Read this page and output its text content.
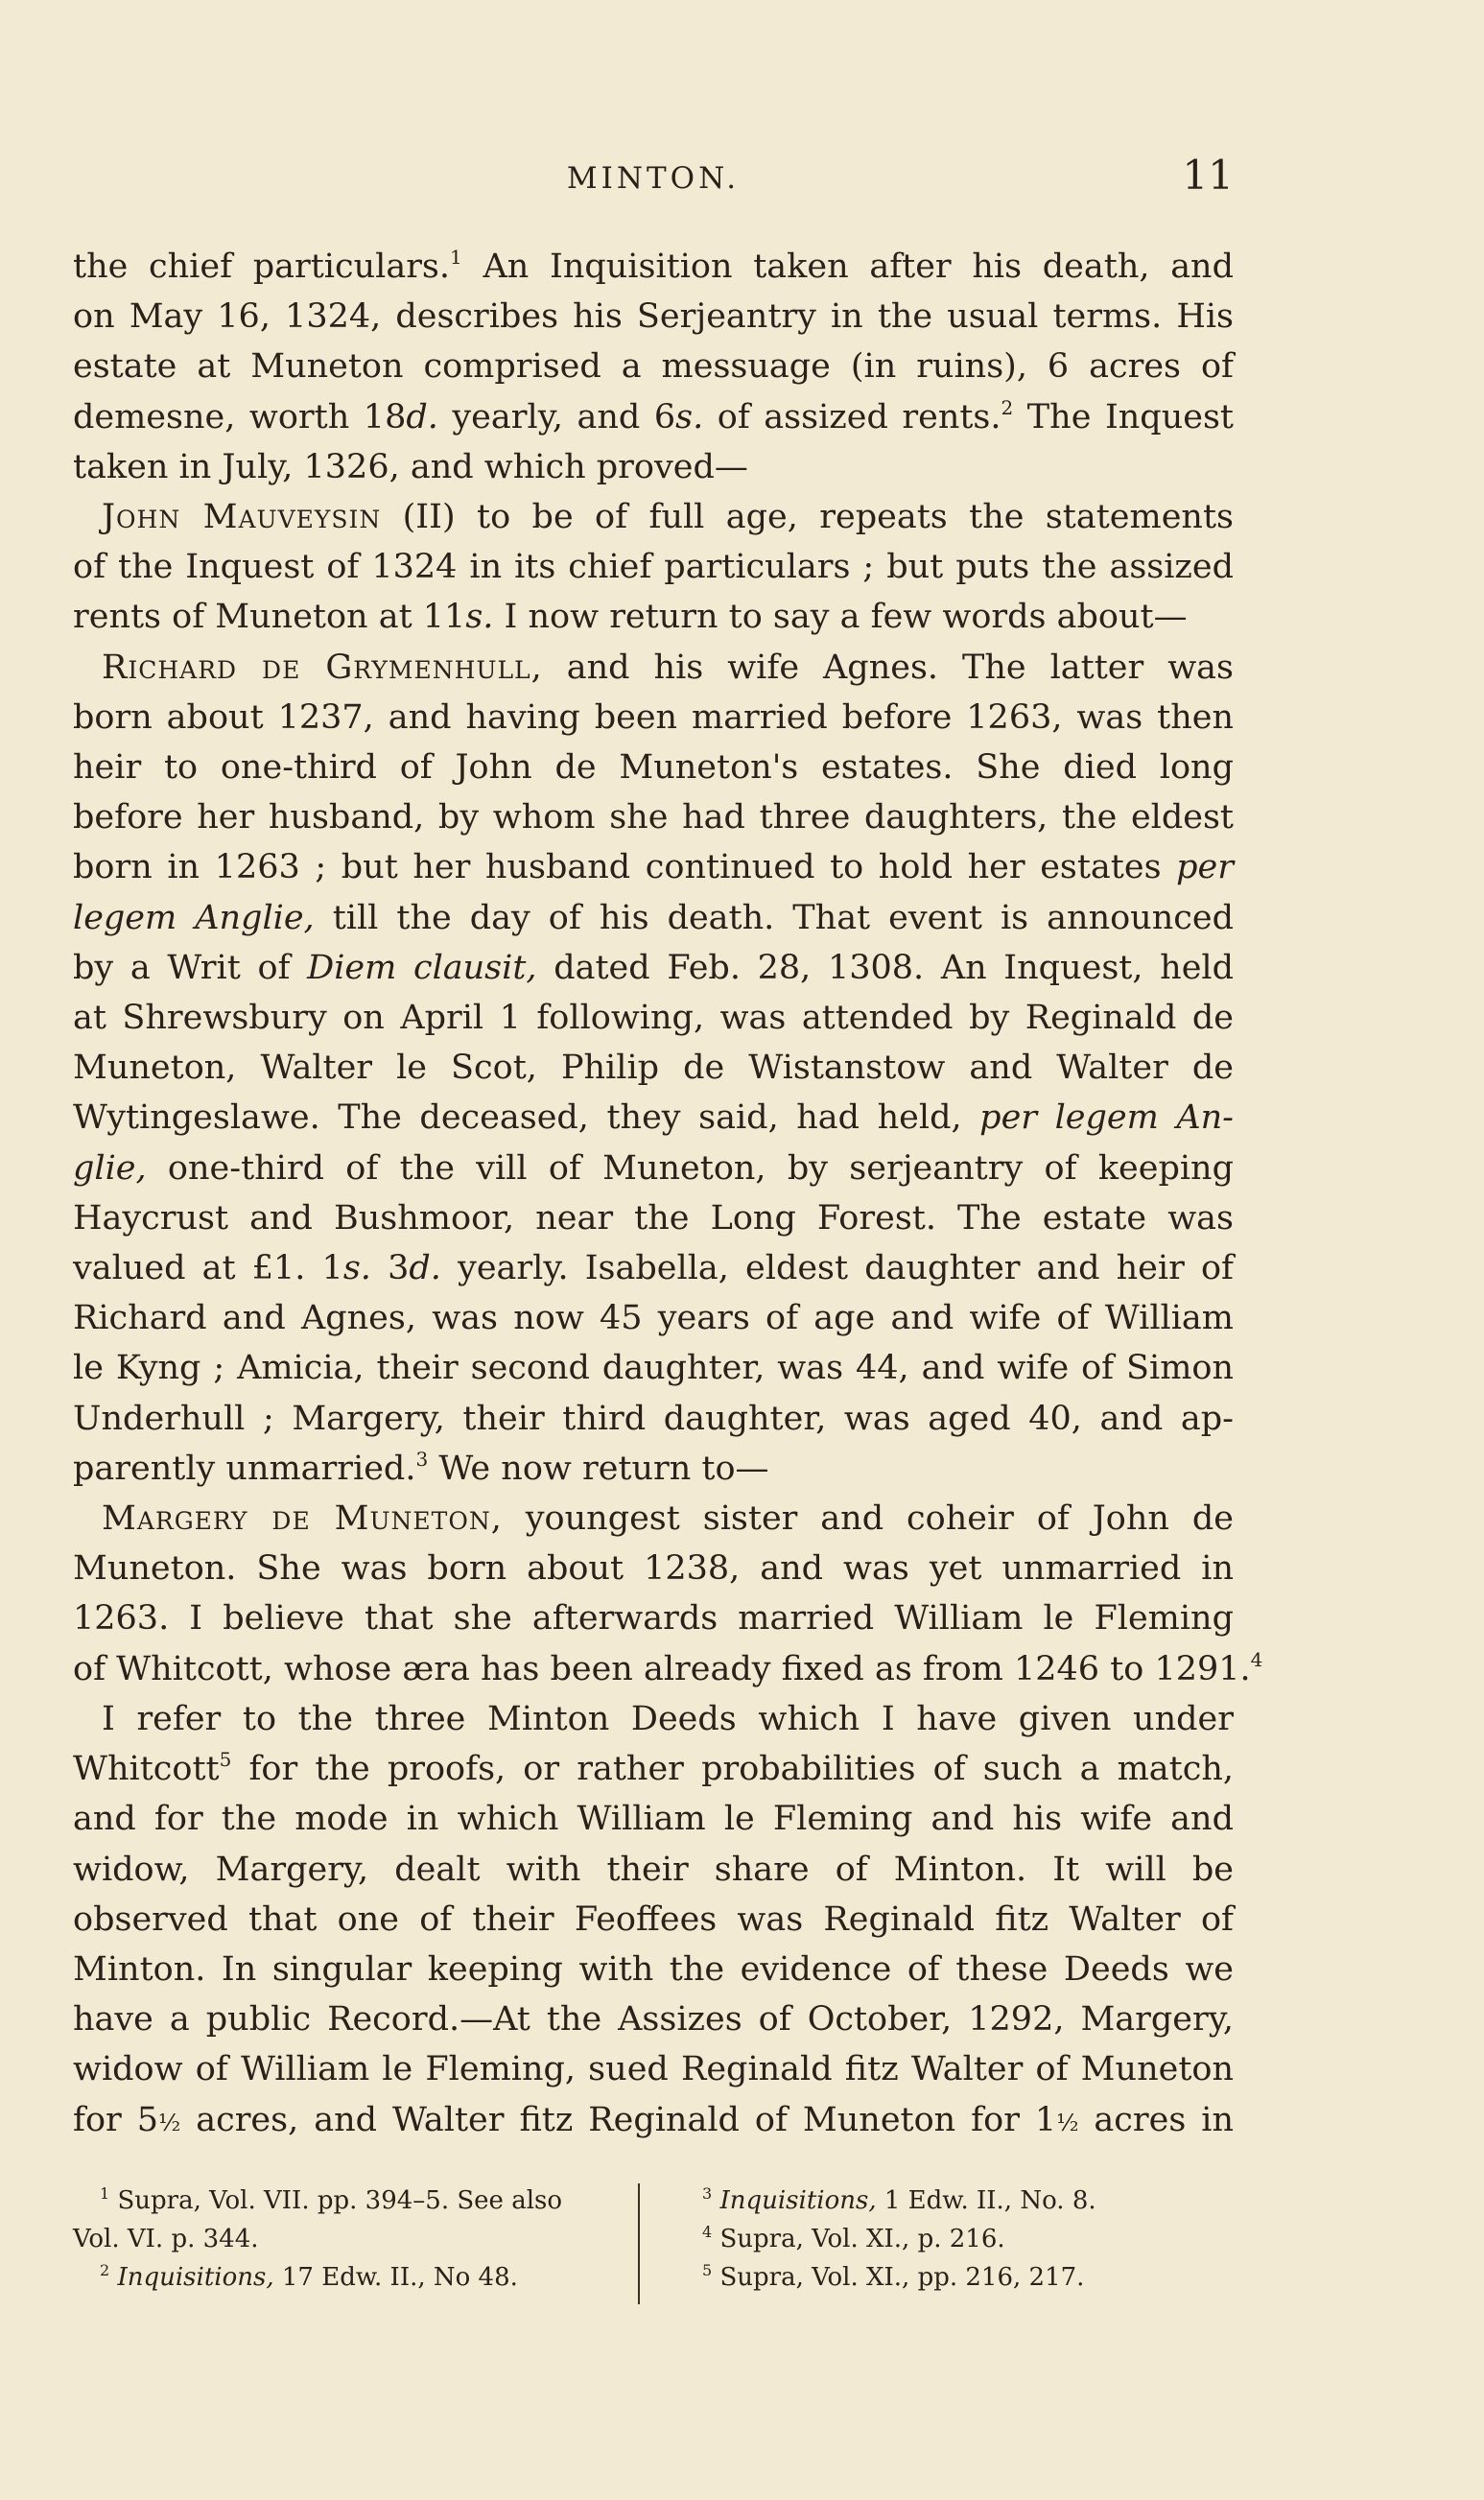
MINTON.	11
the chief particulars.$^1$ An Inquisition taken after his death, and
on May 16, 1324, describes his Serjeantry in the usual terms. His
estate at Muneton comprised a messuage (in ruins), 6 acres of
demesne, worth 18d. yearly, and 6s. of assized rents.$^2$ The Inquest
taken in July, 1326, and which proved—
John Mauveysin (II) to be of full age, repeats the statements
of the Inquest of 1324 in its chief particulars ; but puts the assized
rents of Muneton at 11s. I now return to say a few words about—
Richard de Grymenhull, and his wife Agnes. The latter was
born about 1237, and having been married before 1263, was then
heir to one-third of John de Muneton's estates. She died long
before her husband, by whom she had three daughters, the eldest
born in 1263 ; but her husband continued to hold her estates per
legem Anglie, till the day of his death. That event is announced
by a Writ of Diem clausit, dated Feb. 28, 1308. An Inquest, held
at Shrewsbury on April 1 following, was attended by Reginald de
Muneton, Walter le Scot, Philip de Wistanstow and Walter de
Wytingeslawe. The deceased, they said, had held, per legem An-
glie, one-third of the vill of Muneton, by serjeantry of keeping
Haycrust and Bushmoor, near the Long Forest. The estate was
valued at £1. 1s. 3d. yearly. Isabella, eldest daughter and heir of
Richard and Agnes, was now 45 years of age and wife of William
le Kyng ; Amicia, their second daughter, was 44, and wife of Simon
Underhull ; Margery, their third daughter, was aged 40, and ap-
parently unmarried.$^3$ We now return to—
Margery de Muneton, youngest sister and coheir of John de
Muneton. She was born about 1238, and was yet unmarried in
1263. I believe that she afterwards married William le Fleming
of Whitcott, whose æra has been already fixed as from 1246 to 1291.$^4$
I refer to the three Minton Deeds which I have given under
Whitcott$^5$ for the proofs, or rather probabilities of such a match,
and for the mode in which William le Fleming and his wife and
widow, Margery, dealt with their share of Minton. It will be
observed that one of their Feoffees was Reginald fitz Walter of
Minton. In singular keeping with the evidence of these Deeds we
have a public Record.—At the Assizes of October, 1292, Margery,
widow of William le Fleming, sued Reginald fitz Walter of Muneton
for 5½ acres, and Walter fitz Reginald of Muneton for 1½ acres in
$^1$ Supra, Vol. VII. pp. 394–5. See also
Vol. VI. p. 344.
$^2$ Inquisitions, 17 Edw. II., No 48.
$^3$ Inquisitions, 1 Edw. II., No. 8.
$^4$ Supra, Vol. XI., p. 216.
$^5$ Supra, Vol. XI., pp. 216, 217.
